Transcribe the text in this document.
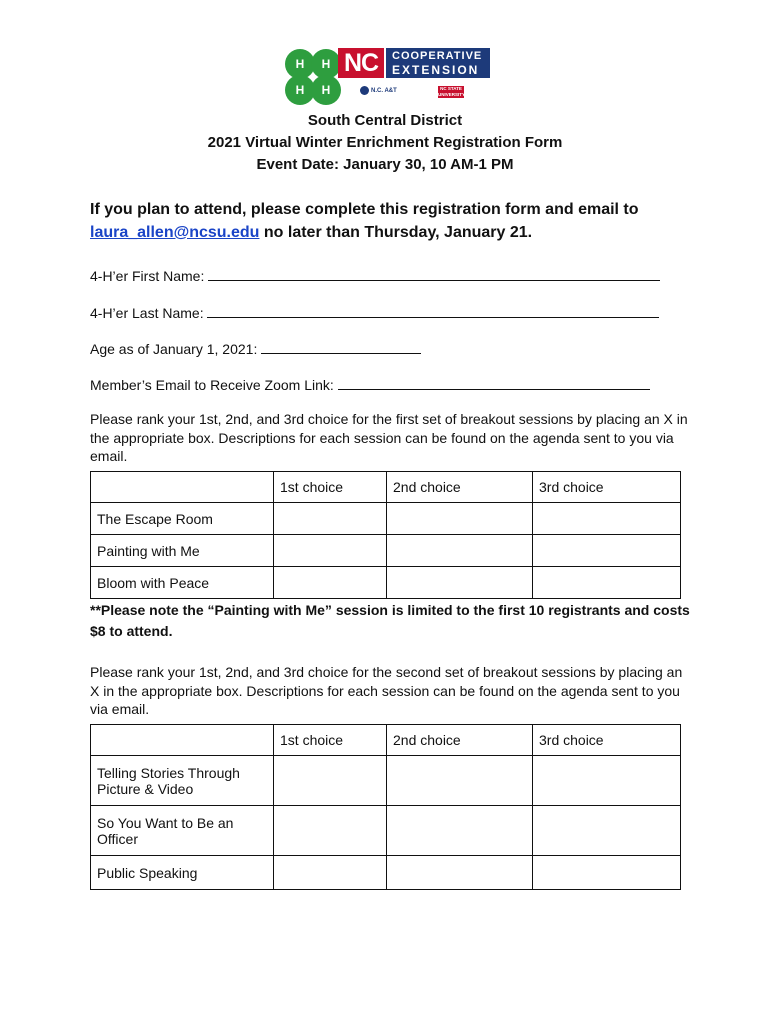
H H
H H
NC	COOPERATIVE
EXTENSION
N.C. A&T	NC STATE UNIVERSITY
South Central District
2021 Virtual Winter Enrichment Registration Form
Event Date: January 30, 10 AM-1 PM
If you plan to attend, please complete this registration form and email to laura_allen@ncsu.edu no later than Thursday, January 21.
4-H’er First Name:
4-H’er Last Name:
Age as of January 1, 2021:
Member’s Email to Receive Zoom Link:
Please rank your 1st, 2nd, and 3rd choice for the first set of breakout sessions by placing an X in the appropriate box. Descriptions for each session can be found on the agenda sent to you via email.
	1st choice	2nd choice	3rd choice
The Escape Room			
Painting with Me			
Bloom with Peace			
**Please note the “Painting with Me” session is limited to the first 10 registrants and costs $8 to attend.
Please rank your 1st, 2nd, and 3rd choice for the second set of breakout sessions by placing an X in the appropriate box. Descriptions for each session can be found on the agenda sent to you via email.
	1st choice	2nd choice	3rd choice
Telling Stories Through Picture & Video			
So You Want to Be an Officer			
Public Speaking			
